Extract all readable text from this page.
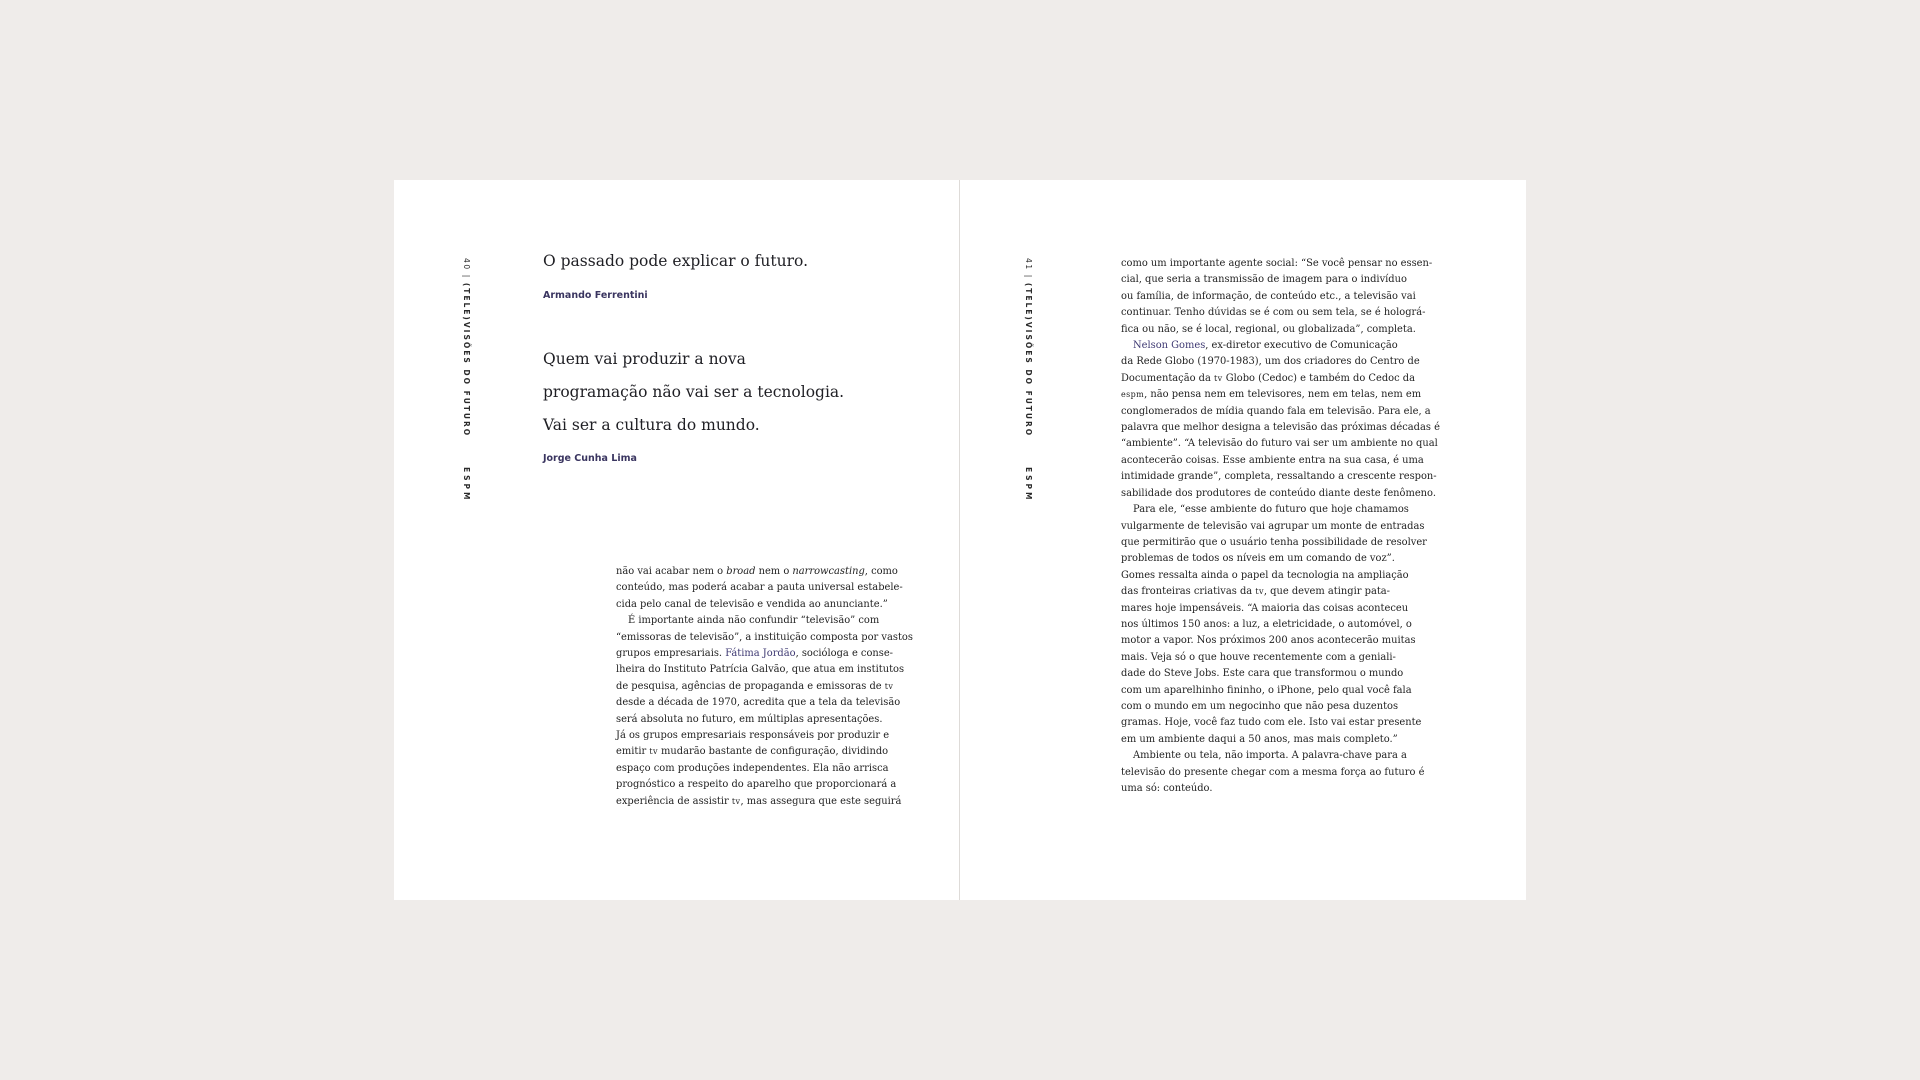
40 | (TELE)VISÕES DO FUTURO ESPM
O passado pode explicar o futuro.
Armando Ferrentini
Quem vai produzir a nova
programação não vai ser a tecnologia.
Vai ser a cultura do mundo.
Jorge Cunha Lima
não vai acabar nem o broad nem o narrowcasting, como
conteúdo, mas poderá acabar a pauta universal estabele-
cida pelo canal de televisão e vendida ao anunciante.”
É importante ainda não confundir “televisão” com
“emissoras de televisão”, a instituição composta por vastos
grupos empresariais. Fátima Jordão, socióloga e conse-
lheira do Instituto Patrícia Galvão, que atua em institutos
de pesquisa, agências de propaganda e emissoras de tv
desde a década de 1970, acredita que a tela da televisão
será absoluta no futuro, em múltiplas apresentações.
Já os grupos empresariais responsáveis por produzir e
emitir tv mudarão bastante de configuração, dividindo
espaço com produções independentes. Ela não arrisca
prognóstico a respeito do aparelho que proporcionará a
experiência de assistir tv, mas assegura que este seguirá
41 | (TELE)VISÕES DO FUTURO ESPM
como um importante agente social: “Se você pensar no essen-
cial, que seria a transmissão de imagem para o indivíduo
ou família, de informação, de conteúdo etc., a televisão vai
continuar. Tenho dúvidas se é com ou sem tela, se é holográ-
fica ou não, se é local, regional, ou globalizada”, completa.
Nelson Gomes, ex-diretor executivo de Comunicação
da Rede Globo (1970-1983), um dos criadores do Centro de
Documentação da tv Globo (Cedoc) e também do Cedoc da
espm, não pensa nem em televisores, nem em telas, nem em
conglomerados de mídia quando fala em televisão. Para ele, a
palavra que melhor designa a televisão das próximas décadas é
“ambiente”. “A televisão do futuro vai ser um ambiente no qual
acontecerão coisas. Esse ambiente entra na sua casa, é uma
intimidade grande”, completa, ressaltando a crescente respon-
sabilidade dos produtores de conteúdo diante deste fenômeno.
Para ele, “esse ambiente do futuro que hoje chamamos
vulgarmente de televisão vai agrupar um monte de entradas
que permitirão que o usuário tenha possibilidade de resolver
problemas de todos os níveis em um comando de voz”.
Gomes ressalta ainda o papel da tecnologia na ampliação
das fronteiras criativas da tv, que devem atingir pata-
mares hoje impensáveis. “A maioria das coisas aconteceu
nos últimos 150 anos: a luz, a eletricidade, o automóvel, o
motor a vapor. Nos próximos 200 anos acontecerão muitas
mais. Veja só o que houve recentemente com a geniali-
dade do Steve Jobs. Este cara que transformou o mundo
com um aparelhinho fininho, o iPhone, pelo qual você fala
com o mundo em um negocinho que não pesa duzentos
gramas. Hoje, você faz tudo com ele. Isto vai estar presente
em um ambiente daqui a 50 anos, mas mais completo.”
Ambiente ou tela, não importa. A palavra-chave para a
televisão do presente chegar com a mesma força ao futuro é
uma só: conteúdo.
